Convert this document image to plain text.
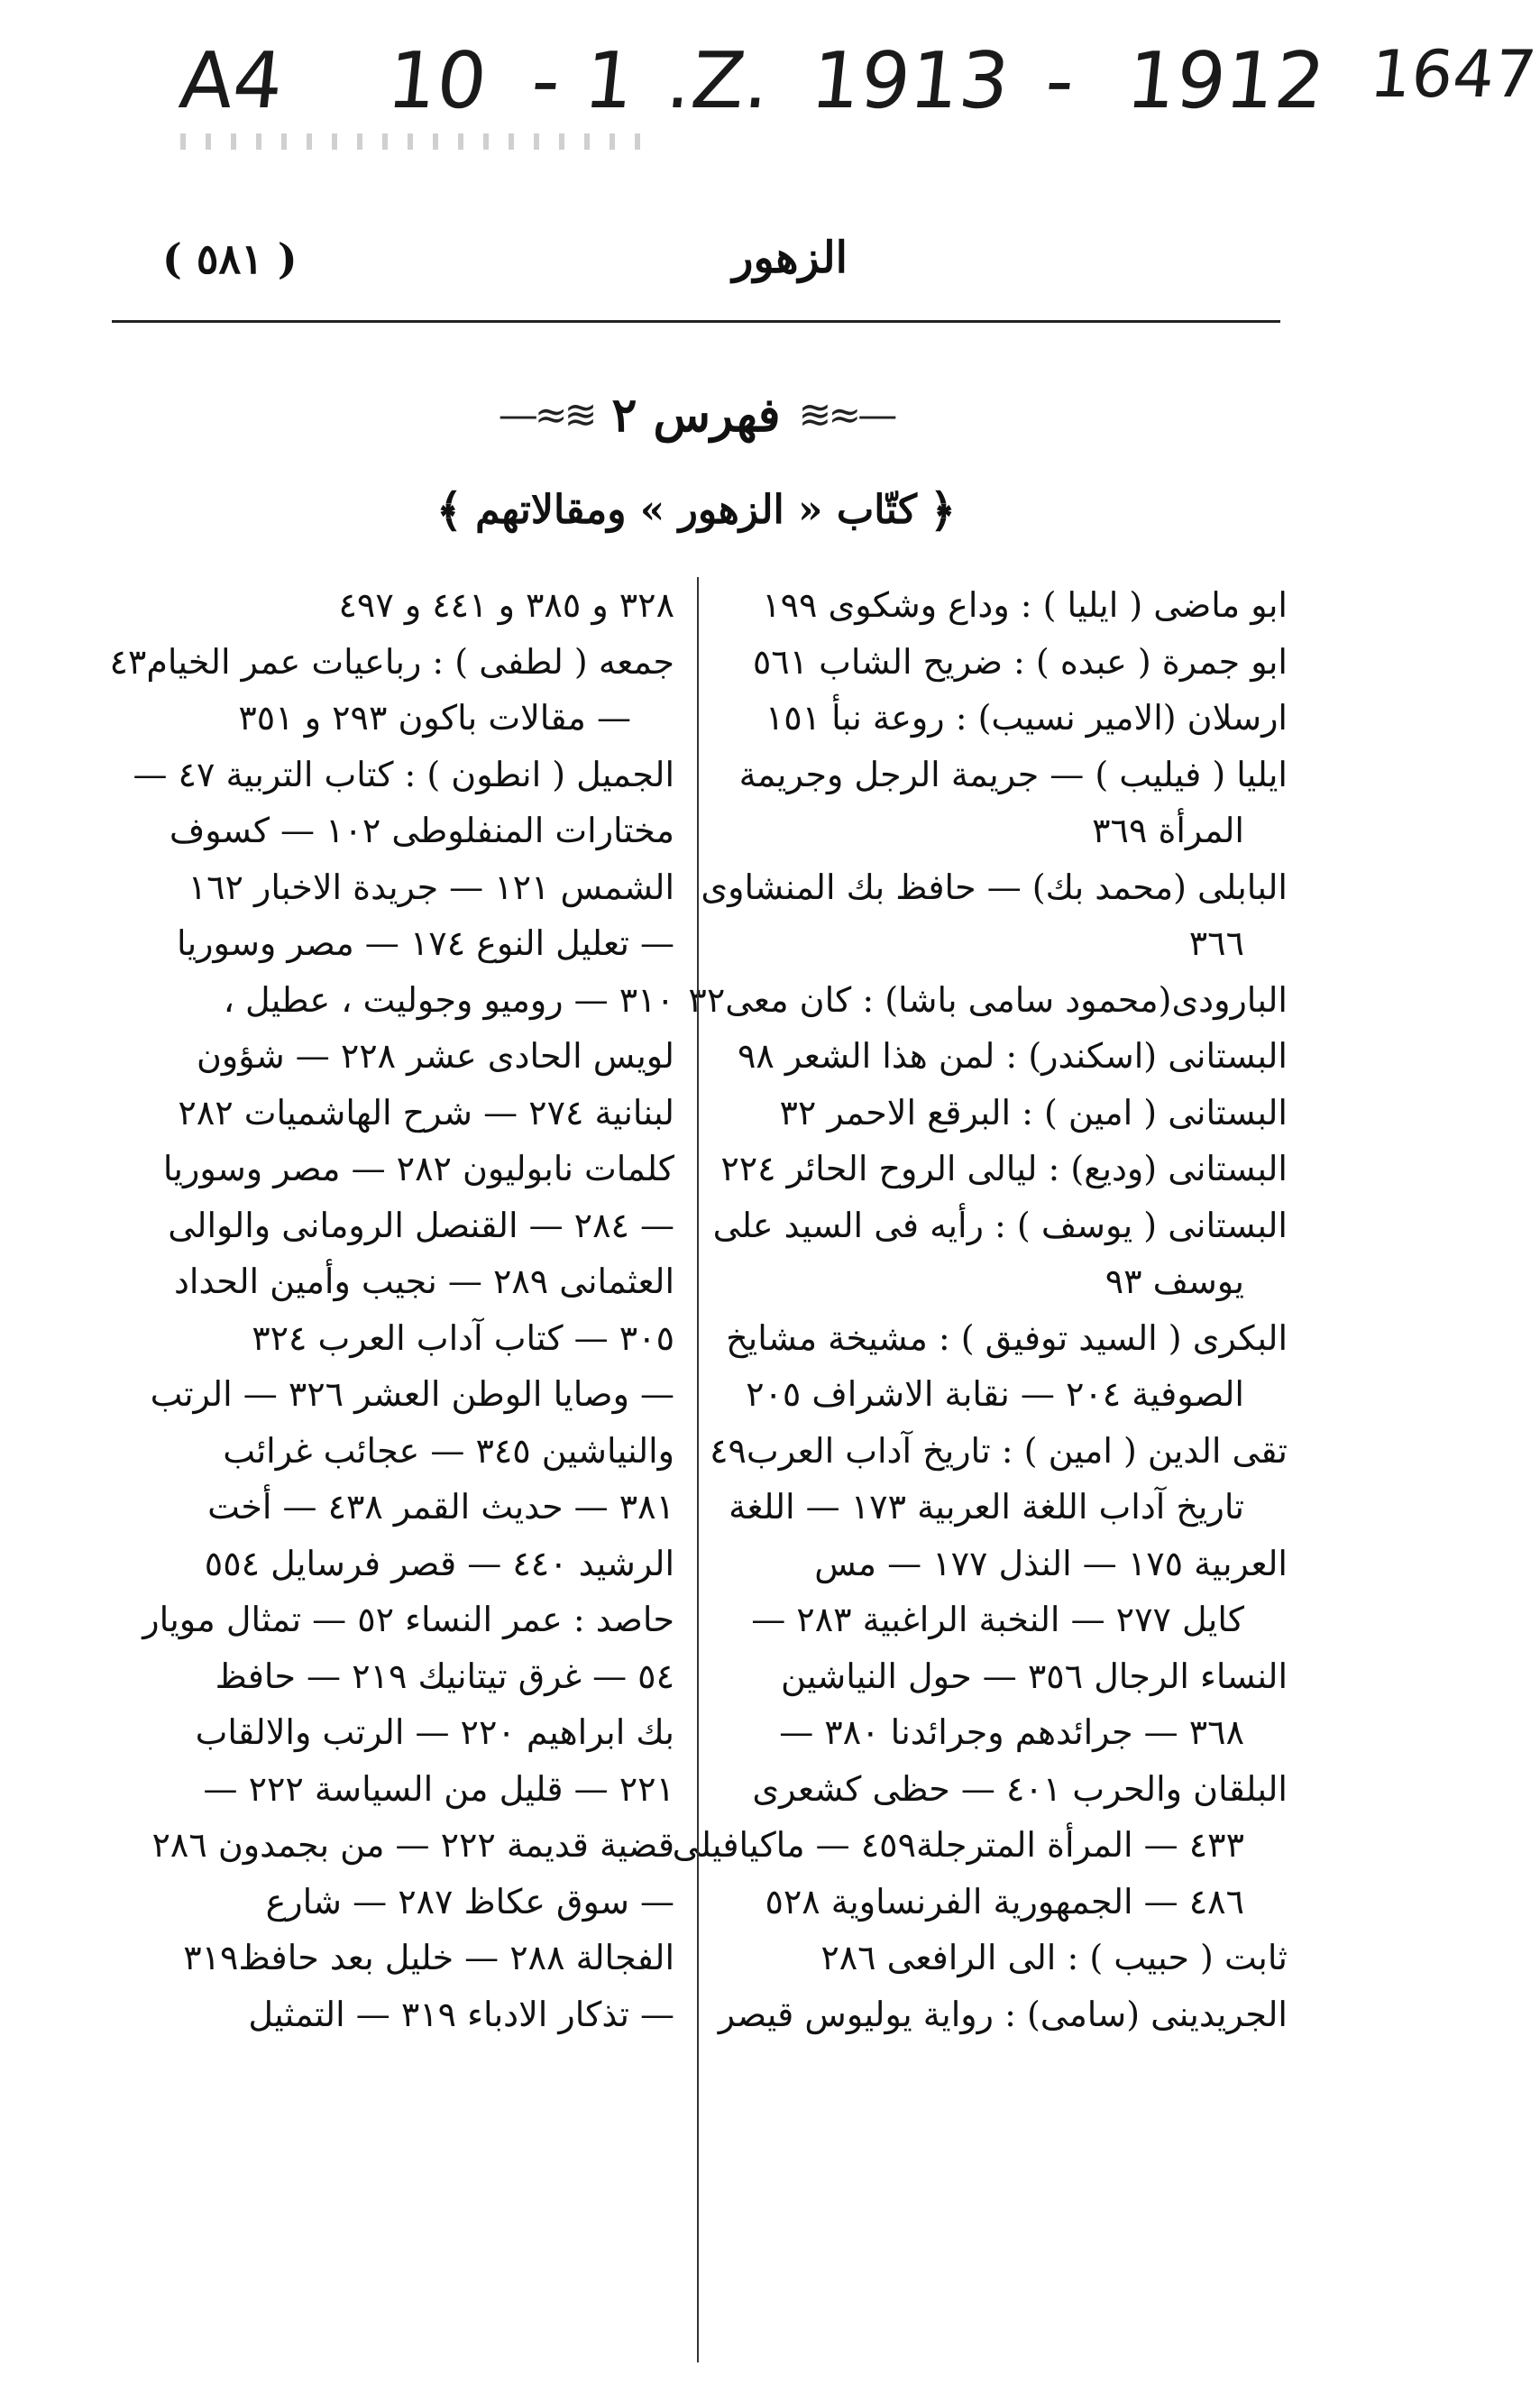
A4 10 - 1 .Z. 1913 - 1912 1647
الزهور
( ٥٨١ )
—≈≋
فهرس ٢
≋≈—
﴿
كتّاب « الزهور » ومقالاتهم
﴾
ابو ماضى ( ايليا ) : وداع وشكوى ١٩٩
ابو جمرة ( عبده ) : ضريح الشاب ٥٦١
ارسلان (الامير نسيب) : روعة نبأ ١٥١
ايليا ( فيليب ) — جريمة الرجل وجريمة
المرأة ٣٦٩
البابلى (محمد بك) — حافظ بك المنشاوى
٣٦٦
البارودى(محمود سامى باشا) : كان معى٣٢
البستانى (اسكندر) : لمن هذا الشعر ٩٨
البستانى ( امين ) : البرقع الاحمر ٣٢
البستانى (وديع) : ليالى الروح الحائر ٢٢٤
البستانى ( يوسف ) : رأيه فى السيد على
يوسف ٩٣
البكرى ( السيد توفيق ) : مشيخة مشايخ
الصوفية ٢٠٤ — نقابة الاشراف ٢٠٥
تقى الدين ( امين ) : تاريخ آداب العرب٤٩
تاريخ آداب اللغة العربية ١٧٣ — اللغة
العربية ١٧٥ — النذل ١٧٧ — مس
كايل ٢٧٧ — النخبة الراغبية ٢٨٣ —
النساء الرجال ٣٥٦ — حول النياشين
٣٦٨ — جرائدهم وجرائدنا ٣٨٠ —
البلقان والحرب ٤٠١ — حظى كشعرى
٤٣٣ — المرأة المترجلة٤٥٩ — ماكيافيلى
٤٨٦ — الجمهورية الفرنساوية ٥٢٨
ثابت ( حبيب ) : الى الرافعى ٢٨٦
الجريدينى (سامى) : رواية يوليوس قيصر
٣٢٨ و ٣٨٥ و ٤٤١ و ٤٩٧
جمعه ( لطفى ) : رباعيات عمر الخيام٤٣
— مقالات باكون ٢٩٣ و ٣٥١
الجميل ( انطون ) : كتاب التربية ٤٧ —
مختارات المنفلوطى ١٠٢ — كسوف
الشمس ١٢١ — جريدة الاخبار ١٦٢
— تعليل النوع ١٧٤ — مصر وسوريا
٣١٠ — روميو وجوليت ، عطيل ،
لويس الحادى عشر ٢٢٨ — شؤون
لبنانية ٢٧٤ — شرح الهاشميات ٢٨٢
كلمات نابوليون ٢٨٢ — مصر وسوريا
— ٢٨٤ — القنصل الرومانى والوالى
العثمانى ٢٨٩ — نجيب وأمين الحداد
٣٠٥ — كتاب آداب العرب ٣٢٤
— وصايا الوطن العشر ٣٢٦ — الرتب
والنياشين ٣٤٥ — عجائب غرائب
٣٨١ — حديث القمر ٤٣٨ — أخت
الرشيد ٤٤٠ — قصر فرسايل ٥٥٤
حاصد : عمر النساء ٥٢ — تمثال مويار
٥٤ — غرق تيتانيك ٢١٩ — حافظ
بك ابراهيم ٢٢٠ — الرتب والالقاب
٢٢١ — قليل من السياسة ٢٢٢ —
قضية قديمة ٢٢٢ — من بجمدون ٢٨٦
— سوق عكاظ ٢٨٧ — شارع
الفجالة ٢٨٨ — خليل بعد حافظ٣١٩
— تذكار الادباء ٣١٩ — التمثيل
